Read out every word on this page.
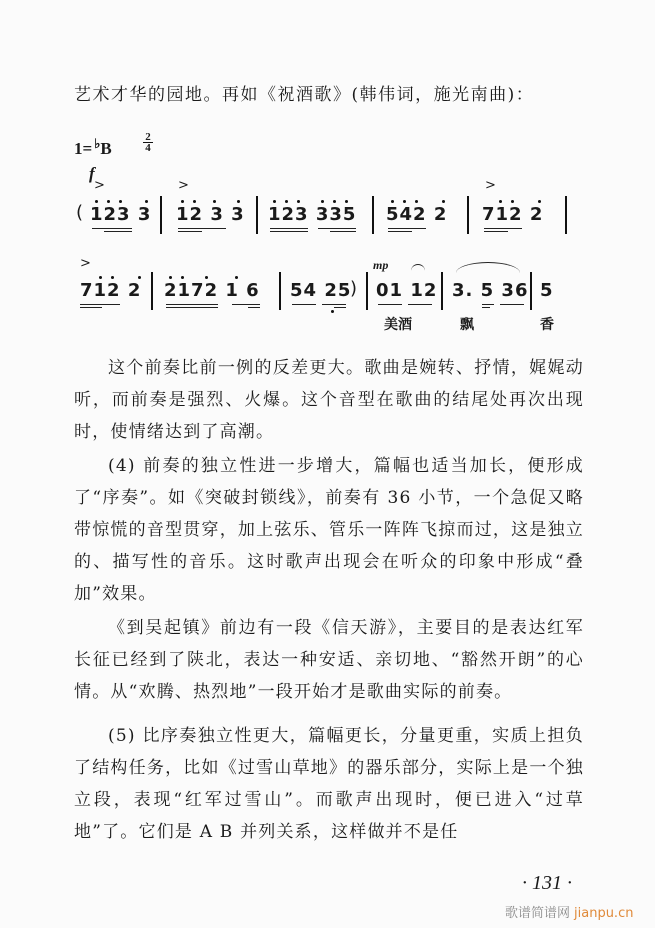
艺术才华的园地。再如《祝酒歌》(韩伟词，施光南曲)：
1= ♭B
2
4
f
>	>	>
( 123 3 12 3 3 123 335 542 2 712 2
>	mp
712 2 2172 1 6 54 25
) 01 12 3. 5 36 5
美酒	飘	香

这个前奏比前一例的反差更大。歌曲是婉转、抒情，娓娓动听，而前奏是强烈、火爆。这个音型在歌曲的结尾处再次出现时，使情绪达到了高潮。

(4) 前奏的独立性进一步增大，篇幅也适当加长，便形成了“序奏”。如《突破封锁线》，前奏有 36 小节，一个急促又略带惊慌的音型贯穿，加上弦乐、管乐一阵阵飞掠而过，这是独立的、描写性的音乐。这时歌声出现会在听众的印象中形成“叠加”效果。

《到吴起镇》前边有一段《信天游》，主要目的是表达红军长征已经到了陕北，表达一种安适、亲切地、“豁然开朗”的心情。从“欢腾、热烈地”一段开始才是歌曲实际的前奏。

(5) 比序奏独立性更大，篇幅更长，分量更重，实质上担负了结构任务，比如《过雪山草地》的器乐部分，实际上是一个独立段，表现“红军过雪山”。而歌声出现时，便已进入“过草地”了。它们是 A B 并列关系，这样做并不是任

· 131 ·
歌谱简谱网 jianpu.cn
